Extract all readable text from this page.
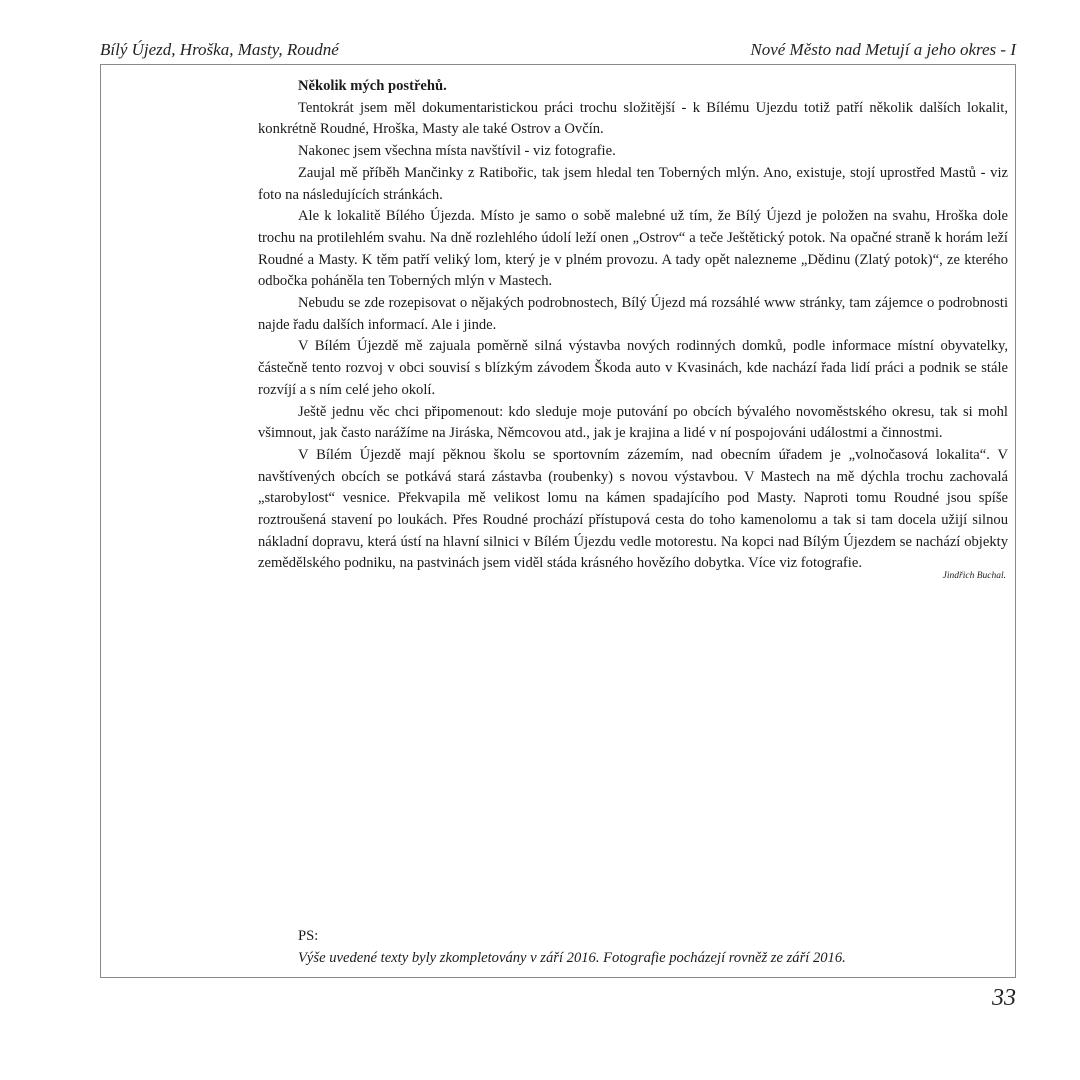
Bílý Újezd, Hroška, Masty, Roudné	Nové Město nad Metují a jeho okres - I

Několik mých postřehů.

Tentokrát jsem měl dokumentaristickou práci trochu složitější - k Bílému Ujezdu totiž patří několik dalších lokalit, konkrétně Roudné, Hroška, Masty ale také Ostrov a Ovčín.

Nakonec jsem všechna místa navštívil - viz fotografie.

Zaujal mě příběh Mančinky z Ratibořic, tak jsem hledal ten Toberných mlýn. Ano, existuje, stojí uprostřed Mastů - viz foto na následujících stránkách.

Ale k lokalitě Bílého Újezda. Místo je samo o sobě malebné už tím, že Bílý Újezd je položen na svahu, Hroška dole trochu na protilehlém svahu. Na dně rozlehlého údolí leží onen „Ostrov“ a teče Ještětický potok. Na opačné straně k horám leží Roudné a Masty. K těm patří veliký lom, který je v plném provozu. A tady opět nalezneme „Dědinu (Zlatý potok)“, ze kterého odbočka poháněla ten Toberných mlýn v Mastech.

Nebudu se zde rozepisovat o nějakých podrobnostech, Bílý Újezd má rozsáhlé www stránky, tam zájemce o podrobnosti najde řadu dalších informací. Ale i jinde.

V Bílém Újezdě mě zajuala poměrně silná výstavba nových rodinných domků, podle informace místní obyvatelky, částečně tento rozvoj v obci souvisí s blízkým závodem Škoda auto v Kvasinách, kde nachází řada lidí práci a podnik se stále rozvíjí a s ním celé jeho okolí.

Ještě jednu věc chci připomenout: kdo sleduje moje putování po obcích bývalého novoměstského okresu, tak si mohl všimnout, jak často narážíme na Jiráska, Němcovou atd., jak je krajina a lidé v ní pospojováni událostmi a činnostmi.

V Bílém Újezdě mají pěknou školu se sportovním zázemím, nad obecním úřadem je „volnočasová lokalita“. V navštívených obcích se potkává stará zástavba (roubenky) s novou výstavbou. V Mastech na mě dýchla trochu zachovalá „starobylost“ vesnice. Překvapila mě velikost lomu na kámen spadajícího pod Masty. Naproti tomu Roudné jsou spíše roztroušená stavení po loukách. Přes Roudné prochází přístupová cesta do toho kamenolomu a tak si tam docela užijí silnou nákladní dopravu, která ústí na hlavní silnici v Bílém Újezdu vedle motorestu. Na kopci nad Bílým Újezdem se nachází objekty zemědělského podniku, na pastvinách jsem viděl stáda krásného hovězího dobytka. Více viz fotografie.

Jindřich Buchal.
PS:
Výše uvedené texty byly zkompletovány v září 2016. Fotografie pocházejí rovněž ze září 2016.
33
